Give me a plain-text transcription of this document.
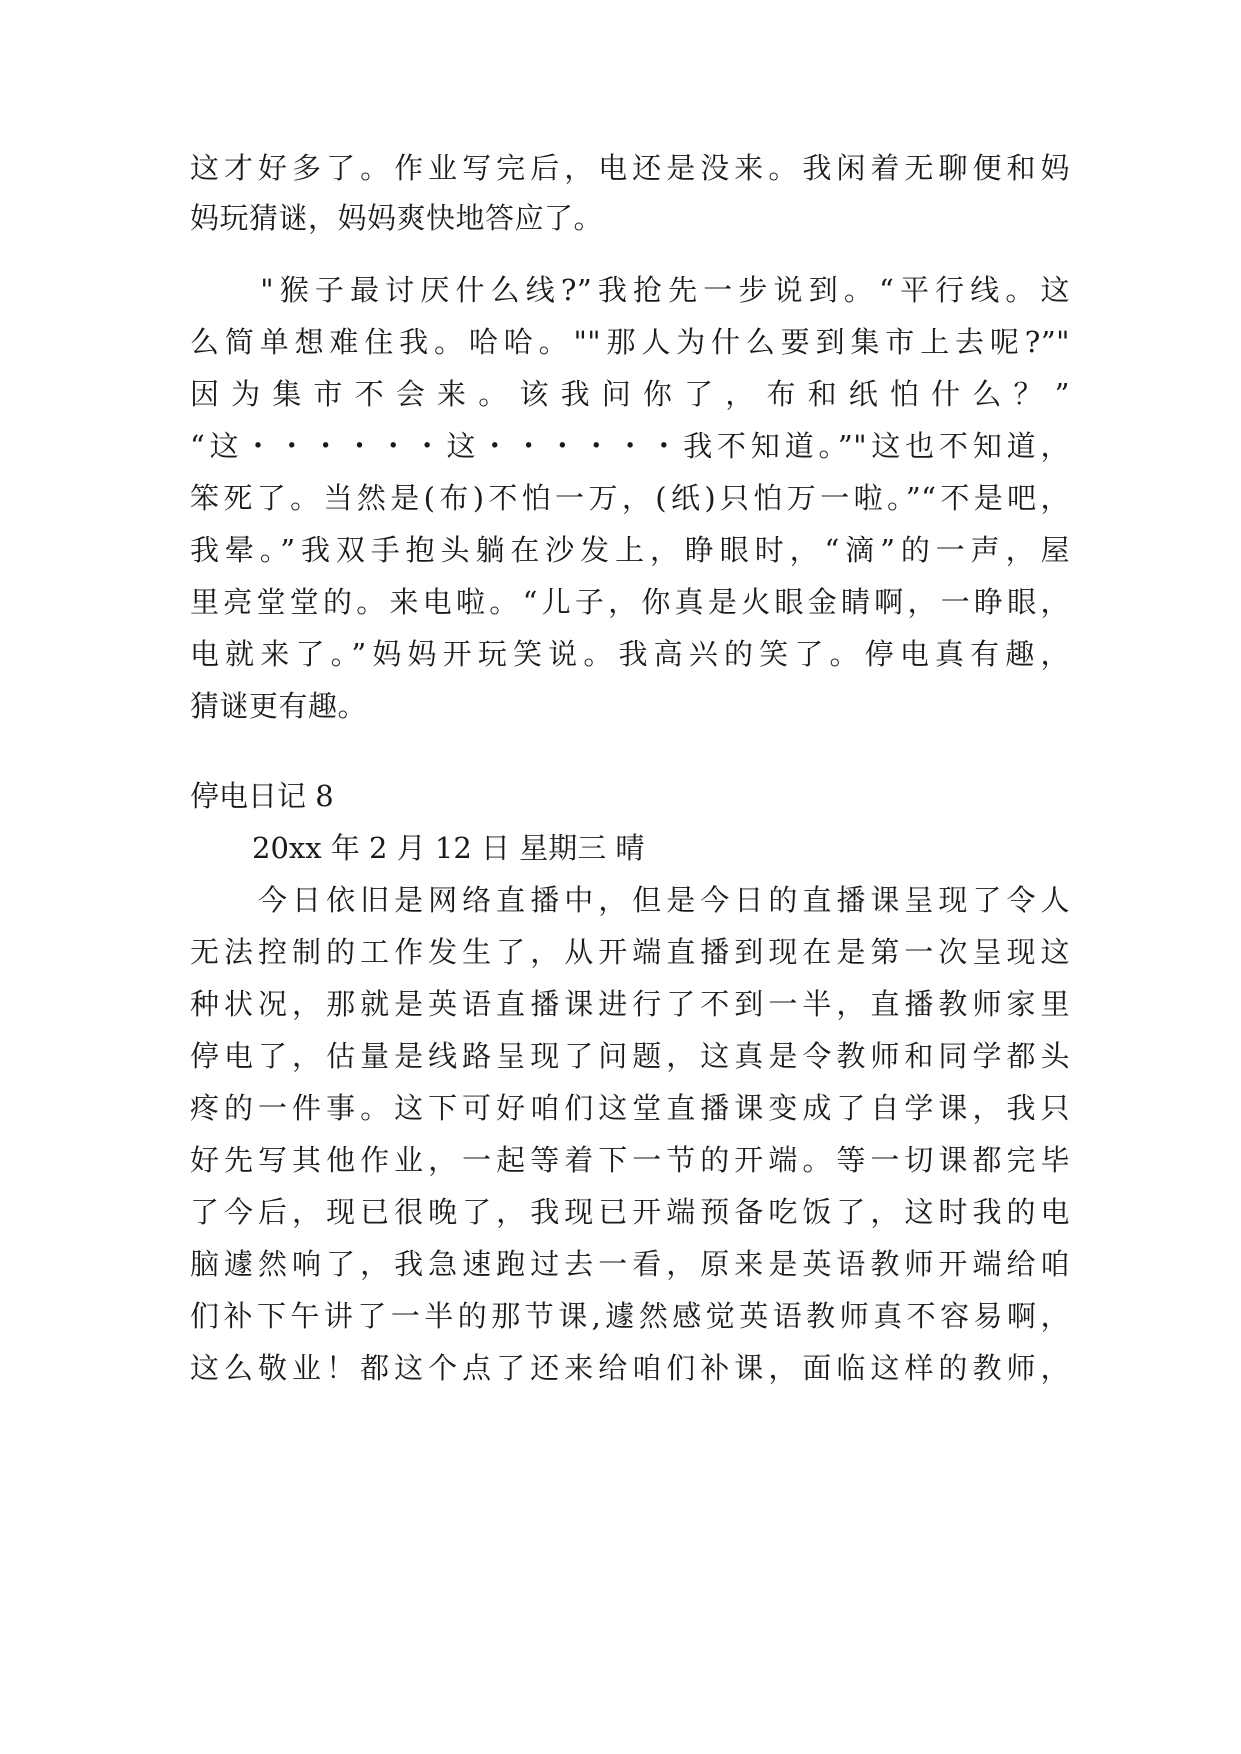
这才好多了。作业写完后，电还是没来。我闲着无聊便和妈
妈玩猜谜，妈妈爽快地答应了。
　　"猴子最讨厌什么线?”我抢先一步说到。“平行线。这
么简单想难住我。哈哈。""那人为什么要到集市上去呢?”"
因为集市不会来。该我问你了，布和纸怕什么？”
“这・・・・・・这・・・・・・我不知道。”"这也不知道，
笨死了。当然是(布)不怕一万，(纸)只怕万一啦。”“不是吧，
我晕。”我双手抱头躺在沙发上，睁眼时，“滴”的一声，屋
里亮堂堂的。来电啦。“儿子，你真是火眼金睛啊，一睁眼，
电就来了。”妈妈开玩笑说。我高兴的笑了。停电真有趣，
猜谜更有趣。
停电日记 8
20xx 年 2 月 12 日 星期三 晴
　　今日依旧是网络直播中，但是今日的直播课呈现了令人
无法控制的工作发生了，从开端直播到现在是第一次呈现这
种状况，那就是英语直播课进行了不到一半，直播教师家里
停电了，估量是线路呈现了问题，这真是令教师和同学都头
疼的一件事。这下可好咱们这堂直播课变成了自学课，我只
好先写其他作业，一起等着下一节的开端。等一切课都完毕
了今后，现已很晚了，我现已开端预备吃饭了，这时我的电
脑遽然响了，我急速跑过去一看，原来是英语教师开端给咱
们补下午讲了一半的那节课,遽然感觉英语教师真不容易啊，
这么敬业！都这个点了还来给咱们补课，面临这样的教师，
